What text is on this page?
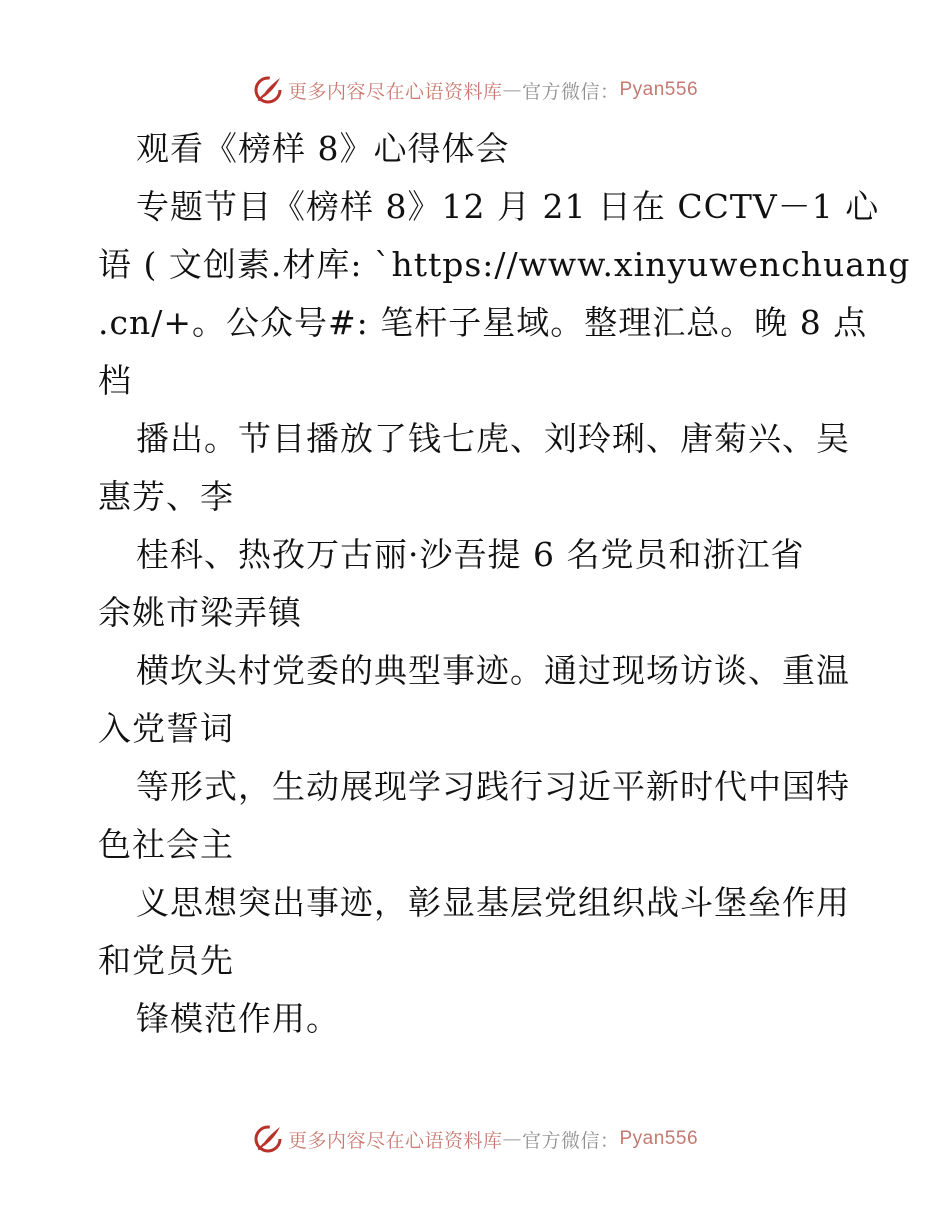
更多内容尽在心语资料库 — 官方微信： Pyan556
观看《榜样 8》心得体会
专题节目《榜样 8》12 月 21 日在 CCTV－1 心
语 ( 文创素.材库: `https://www.xinyuwenchuang
.cn/+。公众号#: 笔杆子星域。整理汇总。晚 8 点
档
播出。节目播放了钱七虎、刘玲琍、唐菊兴、吴
惠芳、李
桂科、热孜万古丽·沙吾提 6 名党员和浙江省
余姚市梁弄镇
横坎头村党委的典型事迹。通过现场访谈、重温
入党誓词
等形式，生动展现学习践行习近平新时代中国特
色社会主
义思想突出事迹，彰显基层党组织战斗堡垒作用
和党员先
锋模范作用。
更多内容尽在心语资料库 — 官方微信： Pyan556
